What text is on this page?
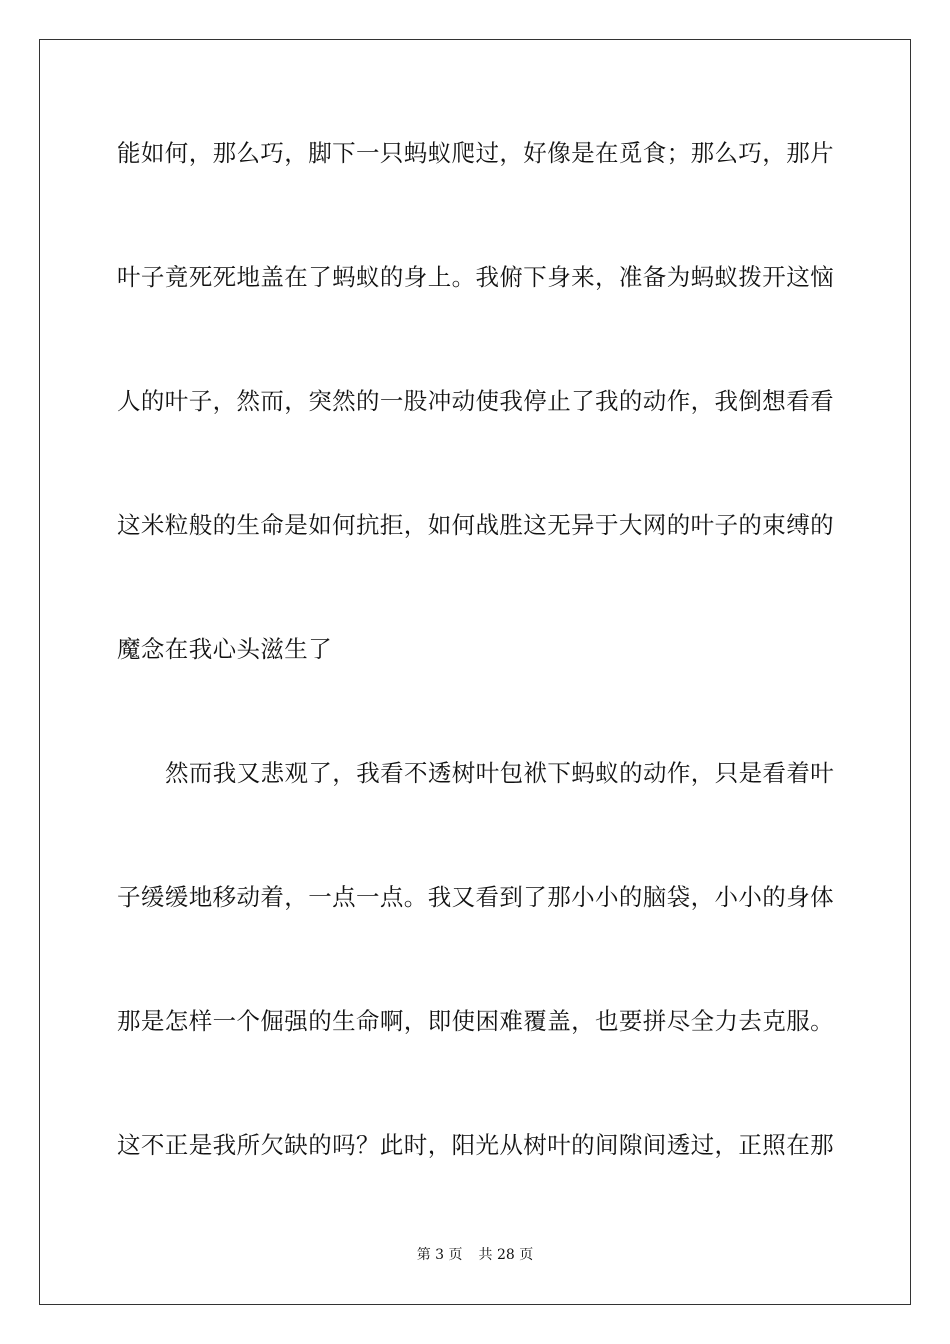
能如何，那么巧，脚下一只蚂蚁爬过，好像是在觅食；那么巧，那片
叶子竟死死地盖在了蚂蚁的身上。我俯下身来，准备为蚂蚁拨开这恼
人的叶子，然而，突然的一股冲动使我停止了我的动作，我倒想看看
这米粒般的生命是如何抗拒，如何战胜这无异于大网的叶子的束缚的
魔念在我心头滋生了
然而我又悲观了，我看不透树叶包袱下蚂蚁的动作，只是看着叶
子缓缓地移动着，一点一点。我又看到了那小小的脑袋，小小的身体
那是怎样一个倔强的生命啊，即使困难覆盖，也要拼尽全力去克服。
这不正是我所欠缺的吗？此时，阳光从树叶的间隙间透过，正照在那
第 3 页 共 28 页
